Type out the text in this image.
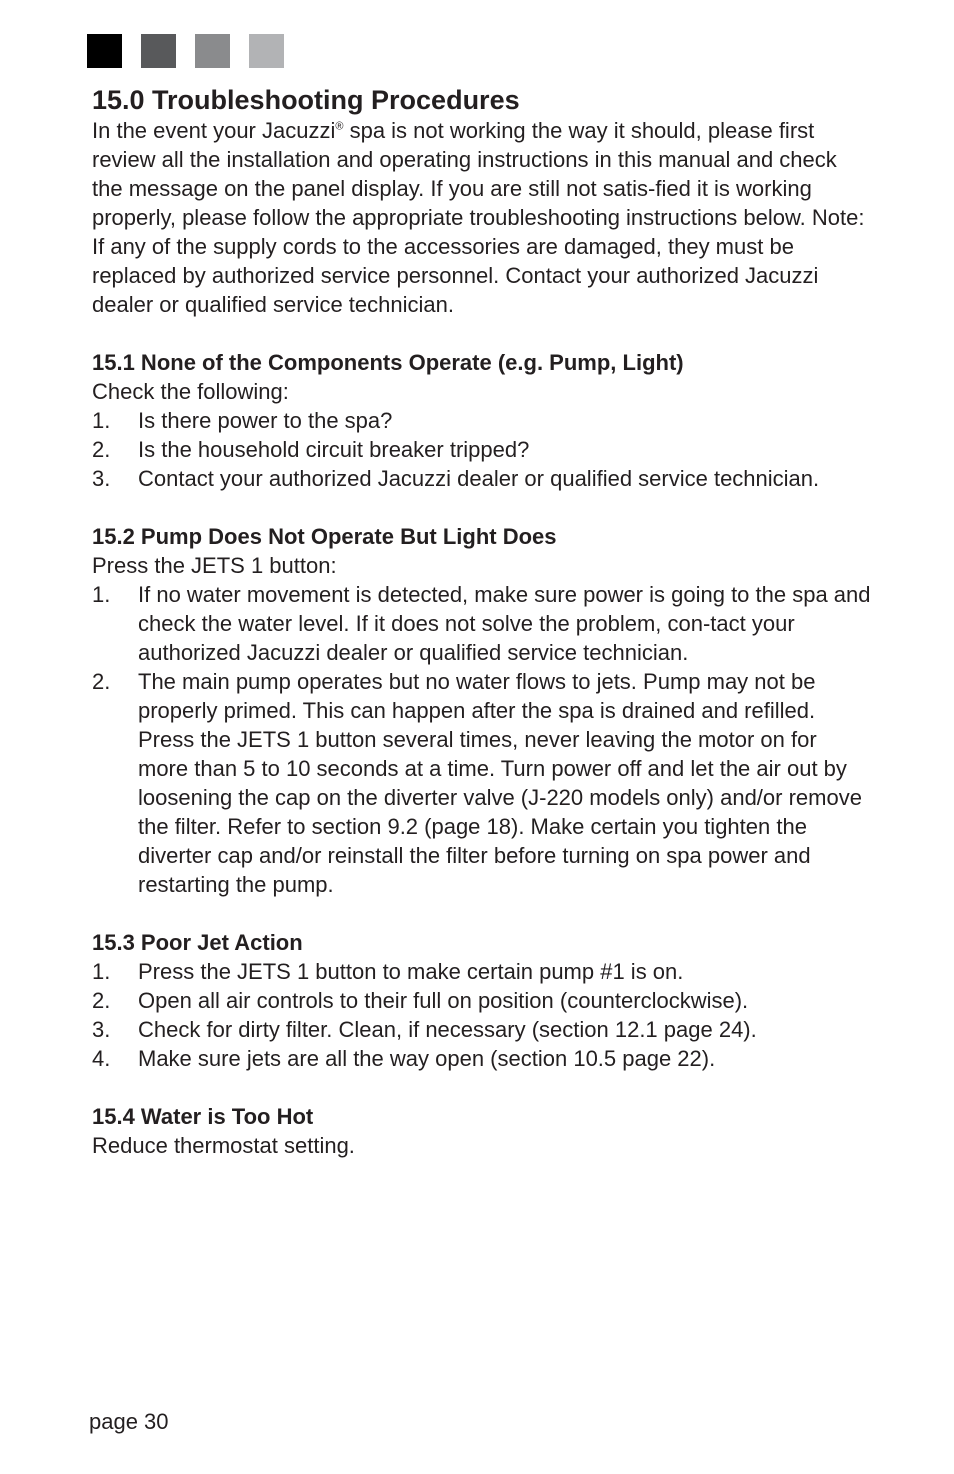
15.0 Troubleshooting Procedures

In the event your Jacuzzi® spa is not working the way it should, please first review all the installation and operating instructions in this manual and check the message on the panel display. If you are still not satis-fied it is working properly, please follow the appropriate troubleshooting instructions below. Note: If any of the supply cords to the accessories are damaged, they must be replaced by authorized service personnel. Contact your authorized Jacuzzi dealer or qualified service technician.

15.1 None of the Components Operate (e.g. Pump, Light)

Check the following:

1. Is there power to the spa?
2. Is the household circuit breaker tripped?
3. Contact your authorized Jacuzzi dealer or qualified service technician.
15.2 Pump Does Not Operate But Light Does

Press the JETS 1 button:

1. If no water movement is detected, make sure power is going to the spa and check the water level. If it does not solve the problem, con-tact your authorized Jacuzzi dealer or qualified service technician.
2. The main pump operates but no water flows to jets. Pump may not be properly primed. This can happen after the spa is drained and refilled. Press the JETS 1 button several times, never leaving the motor on for more than 5 to 10 seconds at a time. Turn power off and let the air out by loosening the cap on the diverter valve (J-220 models only) and/or remove the filter. Refer to section 9.2 (page 18). Make certain you tighten the diverter cap and/or reinstall the filter before turning on spa power and restarting the pump.
15.3 Poor Jet Action
1. Press the JETS 1 button to make certain pump #1 is on.
2. Open all air controls to their full on position (counterclockwise).
3. Check for dirty filter. Clean, if necessary (section 12.1 page 24).
4. Make sure jets are all the way open (section 10.5 page 22).
15.4 Water is Too Hot

Reduce thermostat setting.

page 30
